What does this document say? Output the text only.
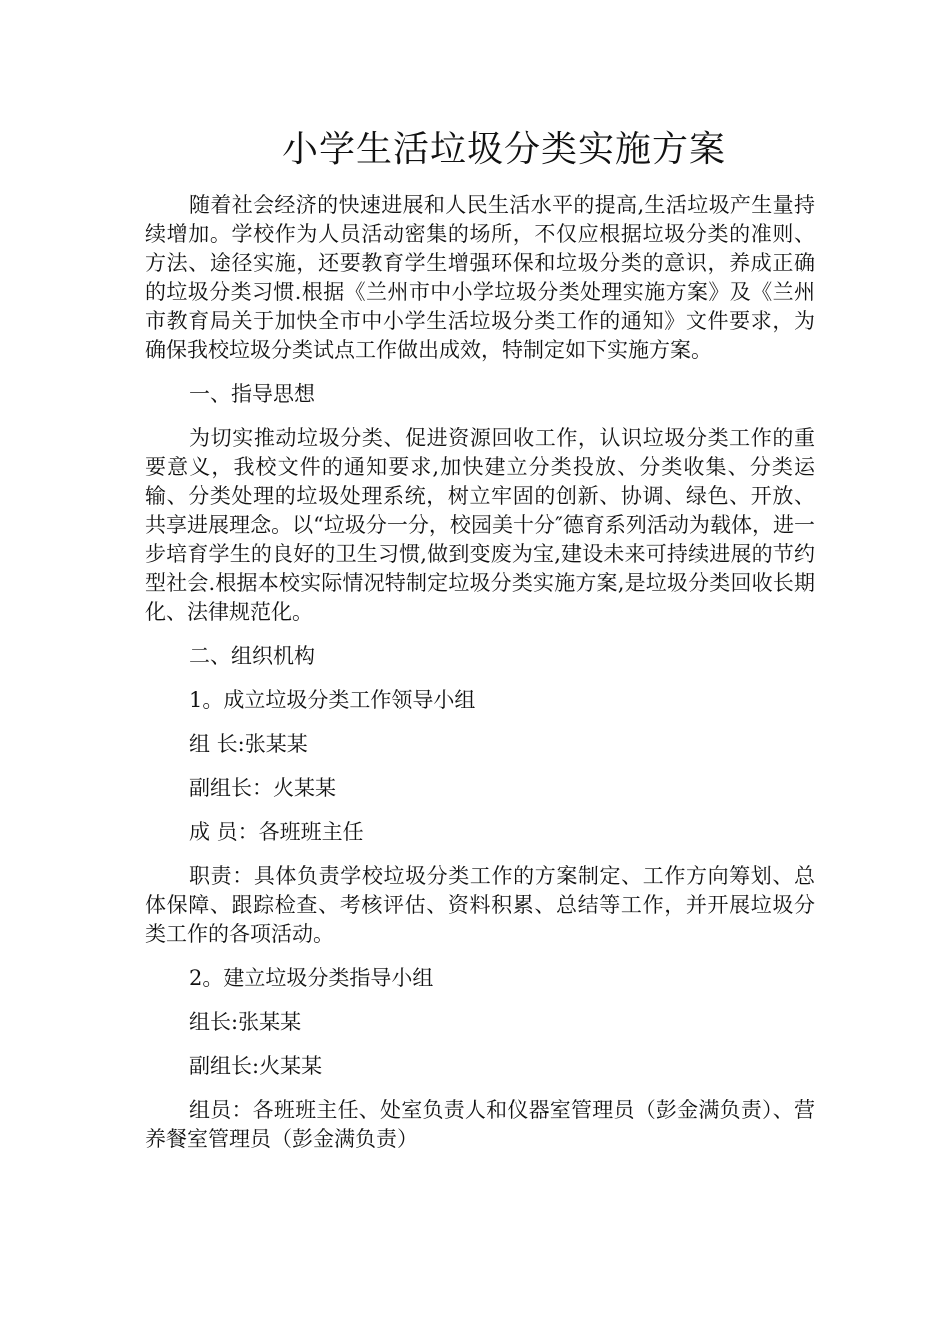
小学生活垃圾分类实施方案

随着社会经济的快速进展和人民生活水平的提高,生活垃圾产生量持续增加。学校作为人员活动密集的场所，不仅应根据垃圾分类的准则、方法、途径实施，还要教育学生增强环保和垃圾分类的意识，养成正确的垃圾分类习惯.根据《兰州市中小学垃圾分类处理实施方案》及《兰州市教育局关于加快全市中小学生活垃圾分类工作的通知》文件要求，为确保我校垃圾分类试点工作做出成效，特制定如下实施方案。

一、指导思想

为切实推动垃圾分类、促进资源回收工作，认识垃圾分类工作的重要意义，我校文件的通知要求,加快建立分类投放、分类收集、分类运输、分类处理的垃圾处理系统，树立牢固的创新、协调、绿色、开放、共享进展理念。以“垃圾分一分，校园美十分″德育系列活动为载体，进一步培育学生的良好的卫生习惯,做到变废为宝,建设未来可持续进展的节约型社会.根据本校实际情况特制定垃圾分类实施方案,是垃圾分类回收长期化、法律规范化。

二、组织机构

1。成立垃圾分类工作领导小组

组 长:张某某

副组长：火某某

成 员：各班班主任

职责：具体负责学校垃圾分类工作的方案制定、工作方向筹划、总体保障、跟踪检查、考核评估、资料积累、总结等工作，并开展垃圾分类工作的各项活动。

2。建立垃圾分类指导小组

组长:张某某

副组长:火某某

组员：各班班主任、处室负责人和仪器室管理员（彭金满负责）、营养餐室管理员（彭金满负责）
